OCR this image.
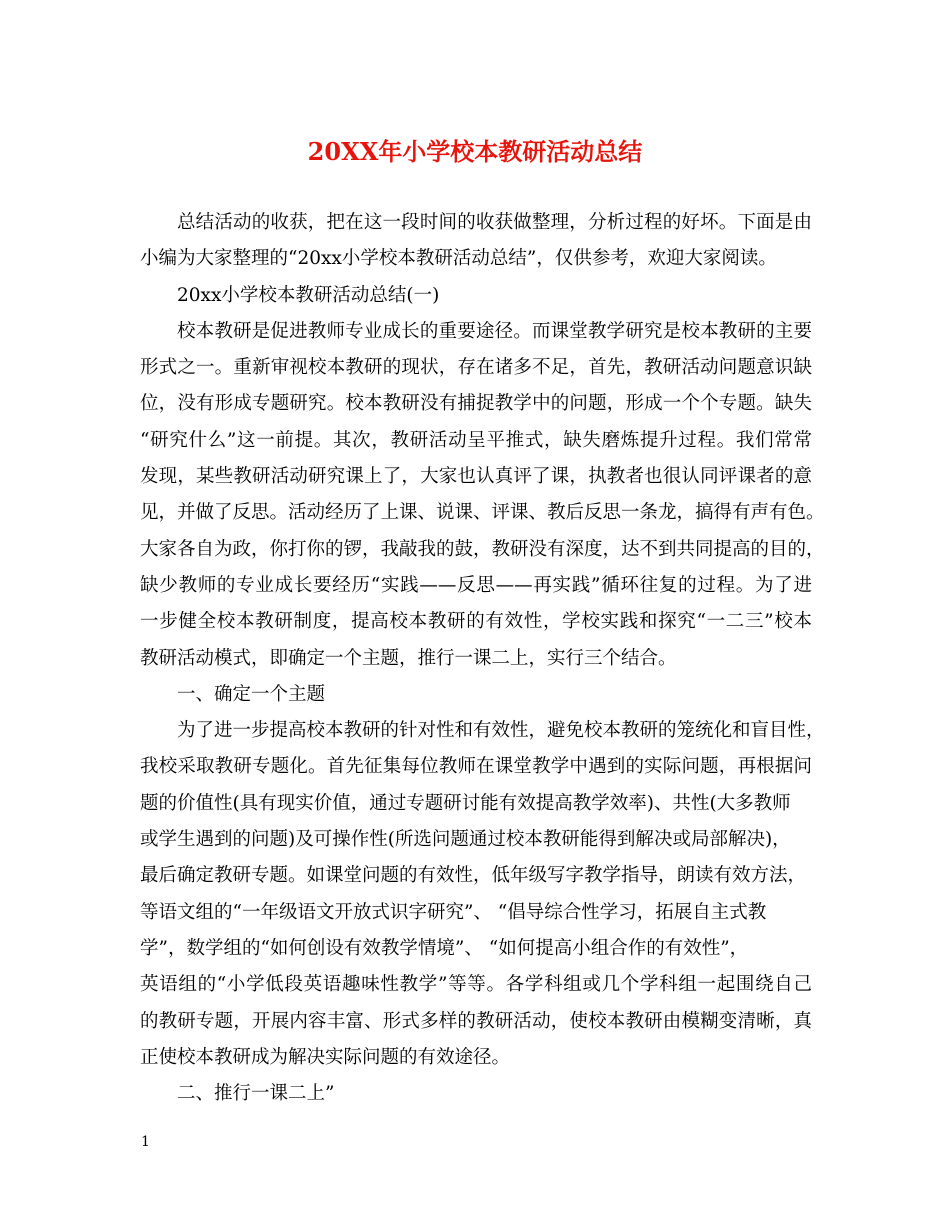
20XX年小学校本教研活动总结
总结活动的收获，把在这一段时间的收获做整理，分析过程的好坏。下面是由
小编为大家整理的“20xx小学校本教研活动总结”，仅供参考，欢迎大家阅读。
20xx小学校本教研活动总结(一)
校本教研是促进教师专业成长的重要途径。而课堂教学研究是校本教研的主要
形式之一。重新审视校本教研的现状，存在诸多不足，首先，教研活动问题意识缺
位，没有形成专题研究。校本教研没有捕捉教学中的问题，形成一个个专题。缺失
“研究什么”这一前提。其次，教研活动呈平推式，缺失磨炼提升过程。我们常常
发现，某些教研活动研究课上了，大家也认真评了课，执教者也很认同评课者的意
见，并做了反思。活动经历了上课、说课、评课、教后反思一条龙，搞得有声有色。
大家各自为政，你打你的锣，我敲我的鼓，教研没有深度，达不到共同提高的目的，
缺少教师的专业成长要经历“实践——反思——再实践”循环往复的过程。为了进
一步健全校本教研制度，提高校本教研的有效性，学校实践和探究“一二三”校本
教研活动模式，即确定一个主题，推行一课二上，实行三个结合。
一、确定一个主题
为了进一步提高校本教研的针对性和有效性，避免校本教研的笼统化和盲目性，
我校采取教研专题化。首先征集每位教师在课堂教学中遇到的实际问题，再根据问
题的价值性(具有现实价值，通过专题研讨能有效提高教学效率)、共性(大多教师
或学生遇到的问题)及可操作性(所选问题通过校本教研能得到解决或局部解决)，
最后确定教研专题。如课堂问题的有效性，低年级写字教学指导，朗读有效方法，
等语文组的“一年级语文开放式识字研究”、 “倡导综合性学习，拓展自主式教
学”，数学组的“如何创设有效教学情境”、 “如何提高小组合作的有效性”，
英语组的“小学低段英语趣味性教学”等等。各学科组或几个学科组一起围绕自己
的教研专题，开展内容丰富、形式多样的教研活动，使校本教研由模糊变清晰，真
正使校本教研成为解决实际问题的有效途径。
二、推行一课二上”
1
